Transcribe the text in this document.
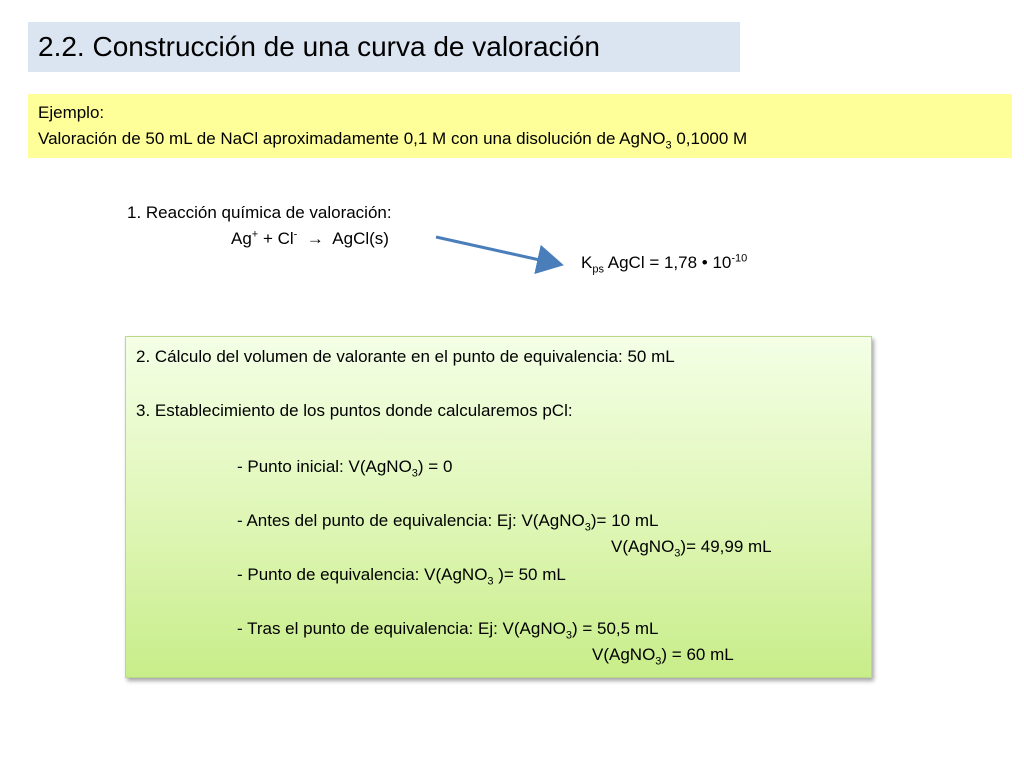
2.2. Construcción de una curva de valoración
Ejemplo:
Valoración de 50 mL de NaCl aproximadamente 0,1 M con una disolución de AgNO$_3$ 0,1000 M
1. Reacción química de valoración:
Ag+ + Cl-  →  AgCl(s)
$K_{ps}$ AgCl = 1,78 • $10^{-10}$
2. Cálculo del volumen de valorante en el punto de equivalencia: 50 mL
3. Establecimiento de los puntos donde calcularemos pCl:
- Punto inicial: V(AgNO$_3$) = 0
- Antes del punto de equivalencia: Ej: V(AgNO$_3$)= 10 mL
V(AgNO$_3$)= 49,99 mL
- Punto de equivalencia: V(AgNO$_3$ )= 50 mL
- Tras el punto de equivalencia: Ej: V(AgNO$_3$) = 50,5 mL
V(AgNO$_3$) = 60 mL
